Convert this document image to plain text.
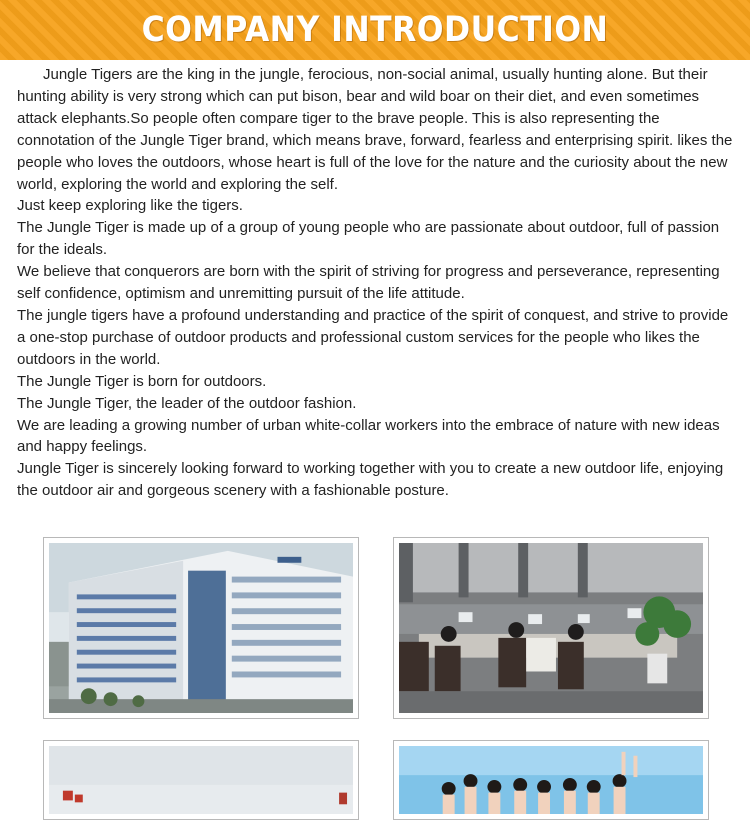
COMPANY INTRODUCTION

Jungle Tigers are the king in the jungle, ferocious, non-social animal, usually hunting alone. But their hunting ability is very strong which can put bison, bear and wild boar on their diet, and even sometimes attack elephants.So people often compare tiger to the brave people. This is also representing the connotation of the Jungle Tiger brand, which means brave, forward, fearless and enterprising spirit. likes the people who loves the outdoors, whose heart is full of the love for the nature and the curiosity about the new world, exploring the world and exploring the self.

Just keep exploring like the tigers.

The Jungle Tiger is made up of a group of young people who are passionate about outdoor, full of passion for the ideals.

We believe that conquerors are born with the spirit of striving for progress and perseverance, representing self confidence, optimism and unremitting pursuit of the life attitude.

The jungle tigers have a profound understanding and practice of the spirit of conquest, and strive to provide a one-stop purchase of outdoor products and professional custom services for the people who likes the outdoors in the world.

The Jungle Tiger is born for outdoors.

The Jungle Tiger, the leader of the outdoor fashion.

We are leading a growing number of urban white-collar workers into the embrace of nature with new ideas and happy feelings.

Jungle Tiger is sincerely looking forward to working together with you to create a new outdoor life, enjoying the outdoor air and gorgeous scenery with a fashionable posture.
